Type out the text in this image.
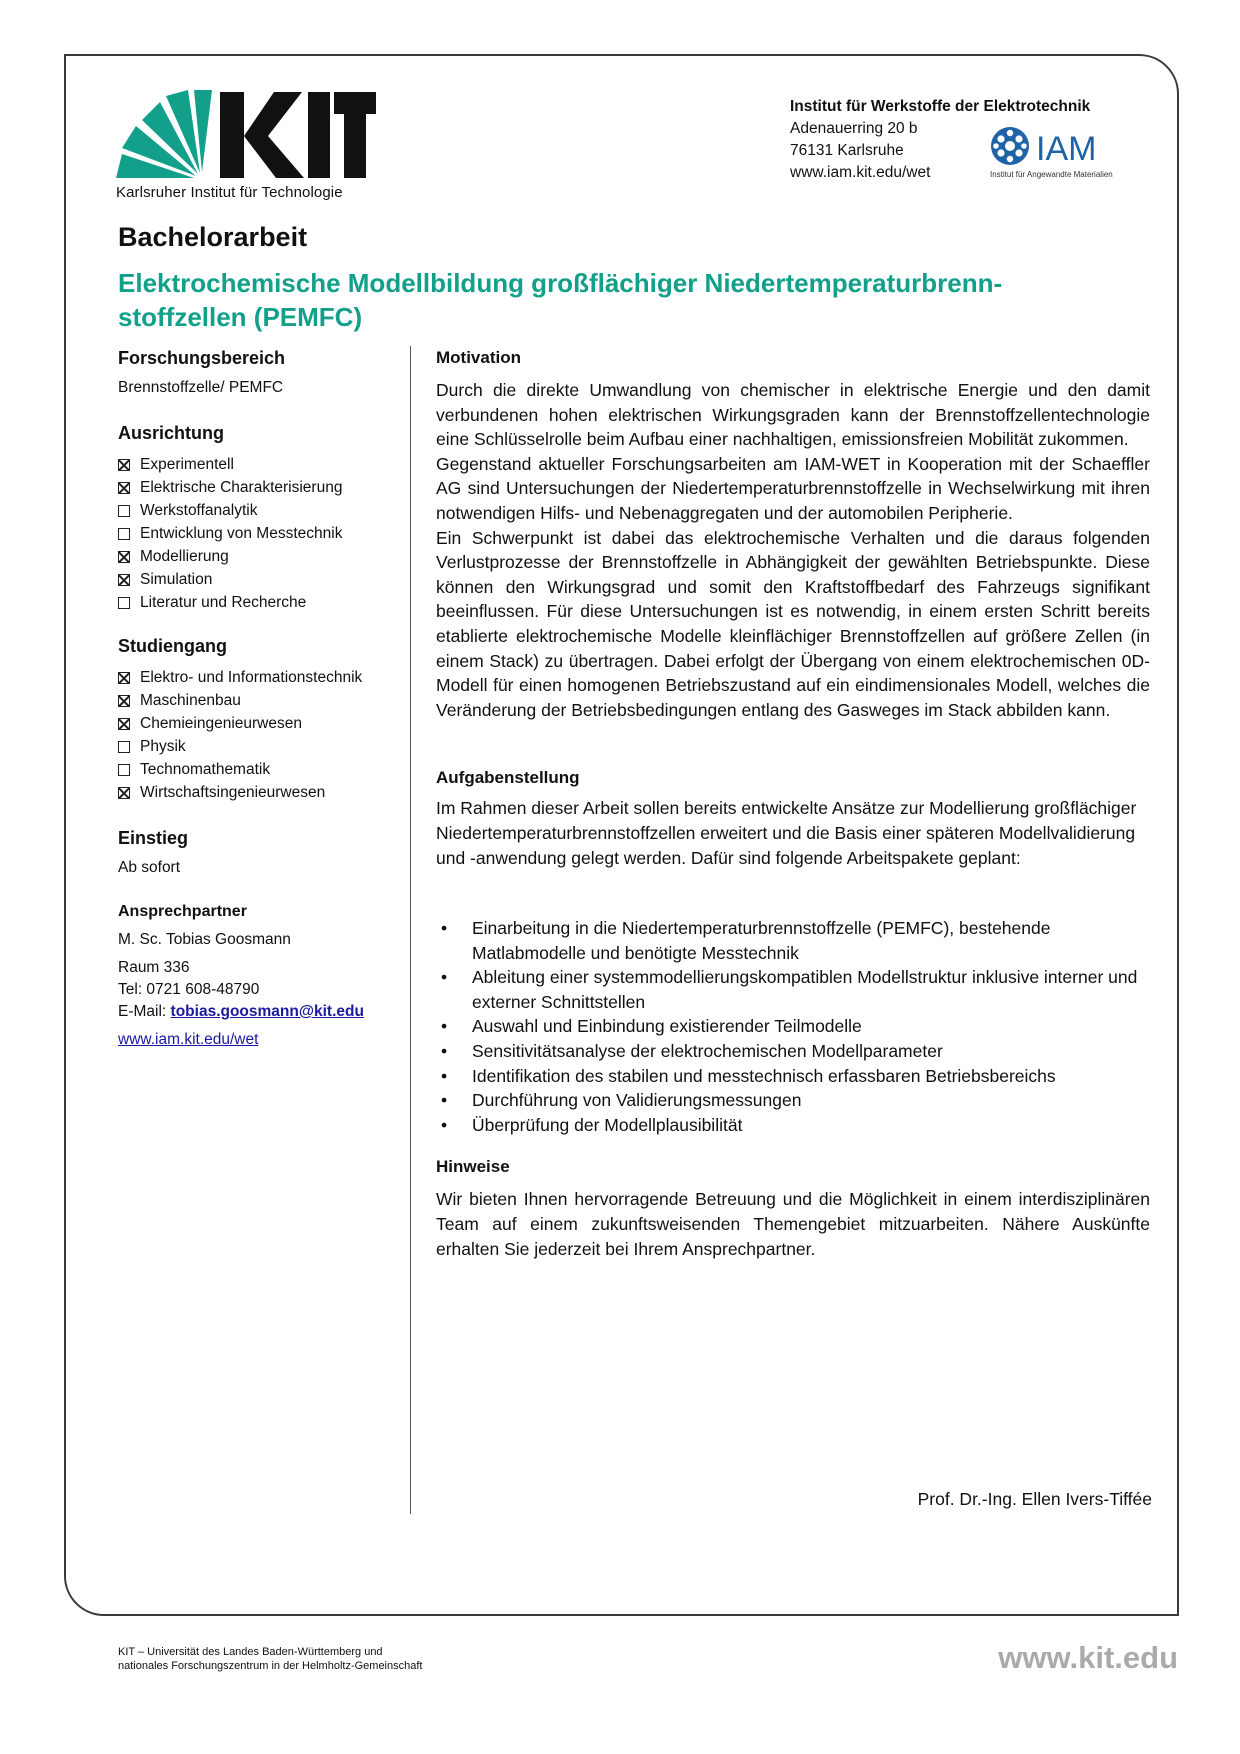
Karlsruher Institut für Technologie
Institut für Werkstoffe der Elektrotechnik
Adenauerring 20 b
76131 Karlsruhe
www.iam.kit.edu/wet
IAM
Institut für Angewandte Materialien
Bachelorarbeit
Elektrochemische Modellbildung großflächiger Niedertemperaturbrenn-
stoffzellen (PEMFC)

Forschungsbereich

Brennstoffzelle/ PEMFC

Ausrichtung

Experimentell
Elektrische Charakterisierung
Werkstoffanalytik
Entwicklung von Messtechnik
Modellierung
Simulation
Literatur und Recherche

Studiengang

Elektro- und Informationstechnik
Maschinenbau
Chemieingenieurwesen
Physik
Technomathematik
Wirtschaftsingenieurwesen

Einstieg

Ab sofort

Ansprechpartner

M. Sc. Tobias Goosmann

Raum 336

Tel: 0721 608-48790

E-Mail: tobias.goosmann@kit.edu

www.iam.kit.edu/wet

Motivation

Durch die direkte Umwandlung von chemischer in elektrische Energie und den damit verbundenen hohen elektrischen Wirkungsgraden kann der Brennstoffzellentechnologie eine Schlüsselrolle beim Aufbau einer nachhaltigen, emissionsfreien Mobilität zukommen.

Gegenstand aktueller Forschungsarbeiten am IAM-WET in Kooperation mit der Schaeffler AG sind Untersuchungen der Niedertemperaturbrennstoffzelle in Wechselwirkung mit ihren notwendigen Hilfs- und Nebenaggregaten und der automobilen Peripherie.

Ein Schwerpunkt ist dabei das elektrochemische Verhalten und die daraus folgenden Verlustprozesse der Brennstoffzelle in Abhängigkeit der gewählten Betriebspunkte. Diese können den Wirkungsgrad und somit den Kraftstoffbedarf des Fahrzeugs signifikant beeinflussen. Für diese Untersuchungen ist es notwendig, in einem ersten Schritt bereits etablierte elektrochemische Modelle kleinflächiger Brennstoffzellen auf größere Zellen (in einem Stack) zu übertragen. Dabei erfolgt der Übergang von einem elektrochemischen 0D-Modell für einen homogenen Betriebszustand auf ein eindimensionales Modell, welches die Veränderung der Betriebsbedingungen entlang des Gasweges im Stack abbilden kann.

Aufgabenstellung

Im Rahmen dieser Arbeit sollen bereits entwickelte Ansätze zur Modellierung großflächiger Niedertemperaturbrennstoffzellen erweitert und die Basis einer späteren Modellvalidierung und -anwendung gelegt werden. Dafür sind folgende Arbeitspakete geplant:

• Einarbeitung in die Niedertemperaturbrennstoffzelle (PEMFC), bestehende Matlabmodelle und benötigte Messtechnik
• Ableitung einer systemmodellierungskompatiblen Modellstruktur inklusive interner und externer Schnittstellen
• Auswahl und Einbindung existierender Teilmodelle
• Sensitivitätsanalyse der elektrochemischen Modellparameter
• Identifikation des stabilen und messtechnisch erfassbaren Betriebsbereichs
• Durchführung von Validierungsmessungen
• Überprüfung der Modellplausibilität

Hinweise

Wir bieten Ihnen hervorragende Betreuung und die Möglichkeit in einem interdisziplinären Team auf einem zukunftsweisenden Themengebiet mitzuarbeiten. Nähere Auskünfte erhalten Sie jederzeit bei Ihrem Ansprechpartner.

Prof. Dr.-Ing. Ellen Ivers-Tiffée
KIT – Universität des Landes Baden-Württemberg und
nationales Forschungszentrum in der Helmholtz-Gemeinschaft	www.kit.edu
